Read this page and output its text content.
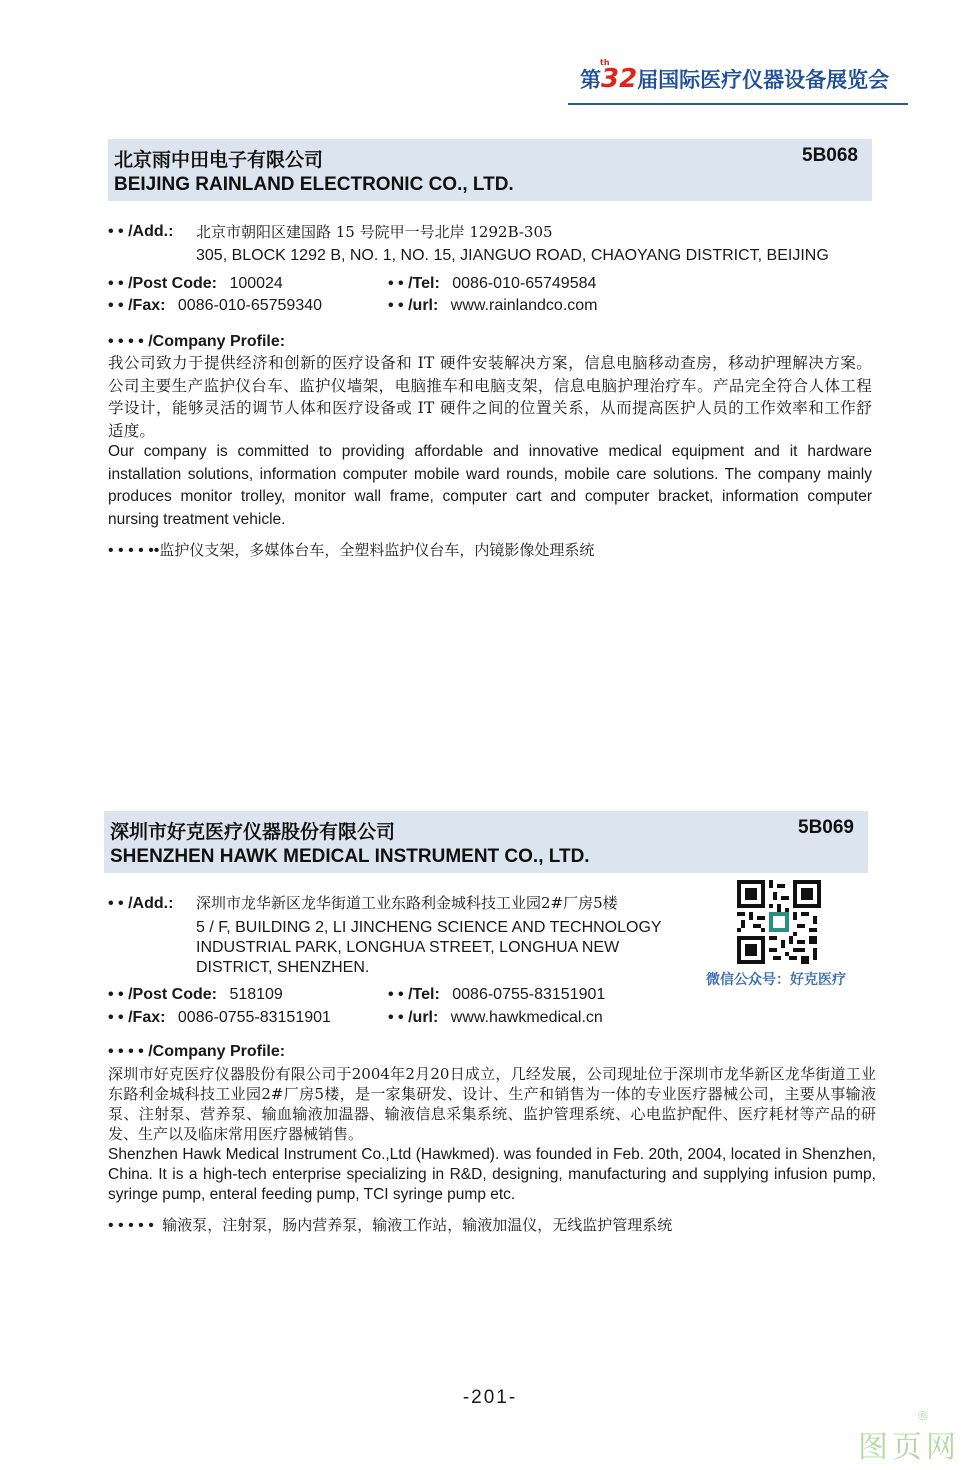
第32
th
届国际医疗仪器设备展览会
北京雨中田电子有限公司
BEIJING RAINLAND ELECTRONIC CO., LTD.
5B068
• • /Add.: 北京市朝阳区建国路 15 号院甲一号北岸 1292B-305
305, BLOCK 1292 B, NO. 1, NO. 15, JIANGUO ROAD, CHAOYANG DISTRICT, BEIJING
• • /Post Code: 100024	• • /Tel: 0086-010-65749584
• • /Fax: 0086-010-65759340	• • /url: www.rainlandco.com
• • • • /Company Profile:
我公司致力于提供经济和创新的医疗设备和 IT 硬件安装解决方案，信息电脑移动查房，移动护理解决方案。公司主要生产监护仪台车、监护仪墙架，电脑推车和电脑支架，信息电脑护理治疗车。产品完全符合人体工程学设计，能够灵活的调节人体和医疗设备或 IT 硬件之间的位置关系，从而提高医护人员的工作效率和工作舒适度。
Our company is committed to providing affordable and innovative medical equipment and it hardware installation solutions, information computer mobile ward rounds, mobile care solutions. The company mainly produces monitor trolley, monitor wall frame, computer cart and computer bracket, information computer nursing treatment vehicle.
• • • • ••监护仪支架，多媒体台车，全塑料监护仪台车，内镜影像处理系统
深圳市好克医疗仪器股份有限公司
SHENZHEN HAWK MEDICAL INSTRUMENT CO., LTD.
5B069
• • /Add.: 深圳市龙华新区龙华街道工业东路利金城科技工业园2#厂房5楼
5 / F, BUILDING 2, LI JINCHENG SCIENCE AND TECHNOLOGY
INDUSTRIAL PARK, LONGHUA STREET, LONGHUA NEW
DISTRICT, SHENZHEN.
微信公众号：好克医疗
• • /Post Code: 518109	• • /Tel: 0086-0755-83151901
• • /Fax: 0086-0755-83151901	• • /url: www.hawkmedical.cn
• • • • /Company Profile:
深圳市好克医疗仪器股份有限公司于2004年2月20日成立，几经发展，公司现址位于深圳市龙华新区龙华街道工业东路利金城科技工业园2#厂房5楼，是一家集研发、设计、生产和销售为一体的专业医疗器械公司，主要从事输液泵、注射泵、营养泵、输血输液加温器、输液信息采集系统、监护管理系统、心电监护配件、医疗耗材等产品的研发、生产以及临床常用医疗器械销售。
Shenzhen Hawk Medical Instrument Co.,Ltd (Hawkmed). was founded in Feb. 20th, 2004, located in Shenzhen, China. It is a high-tech enterprise specializing in R&D, designing, manufacturing and supplying infusion pump, syringe pump, enteral feeding pump, TCI syringe pump etc.
• • • • • 输液泵，注射泵，肠内营养泵，输液工作站，输液加温仪，无线监护管理系统
-201-
图页网
®
